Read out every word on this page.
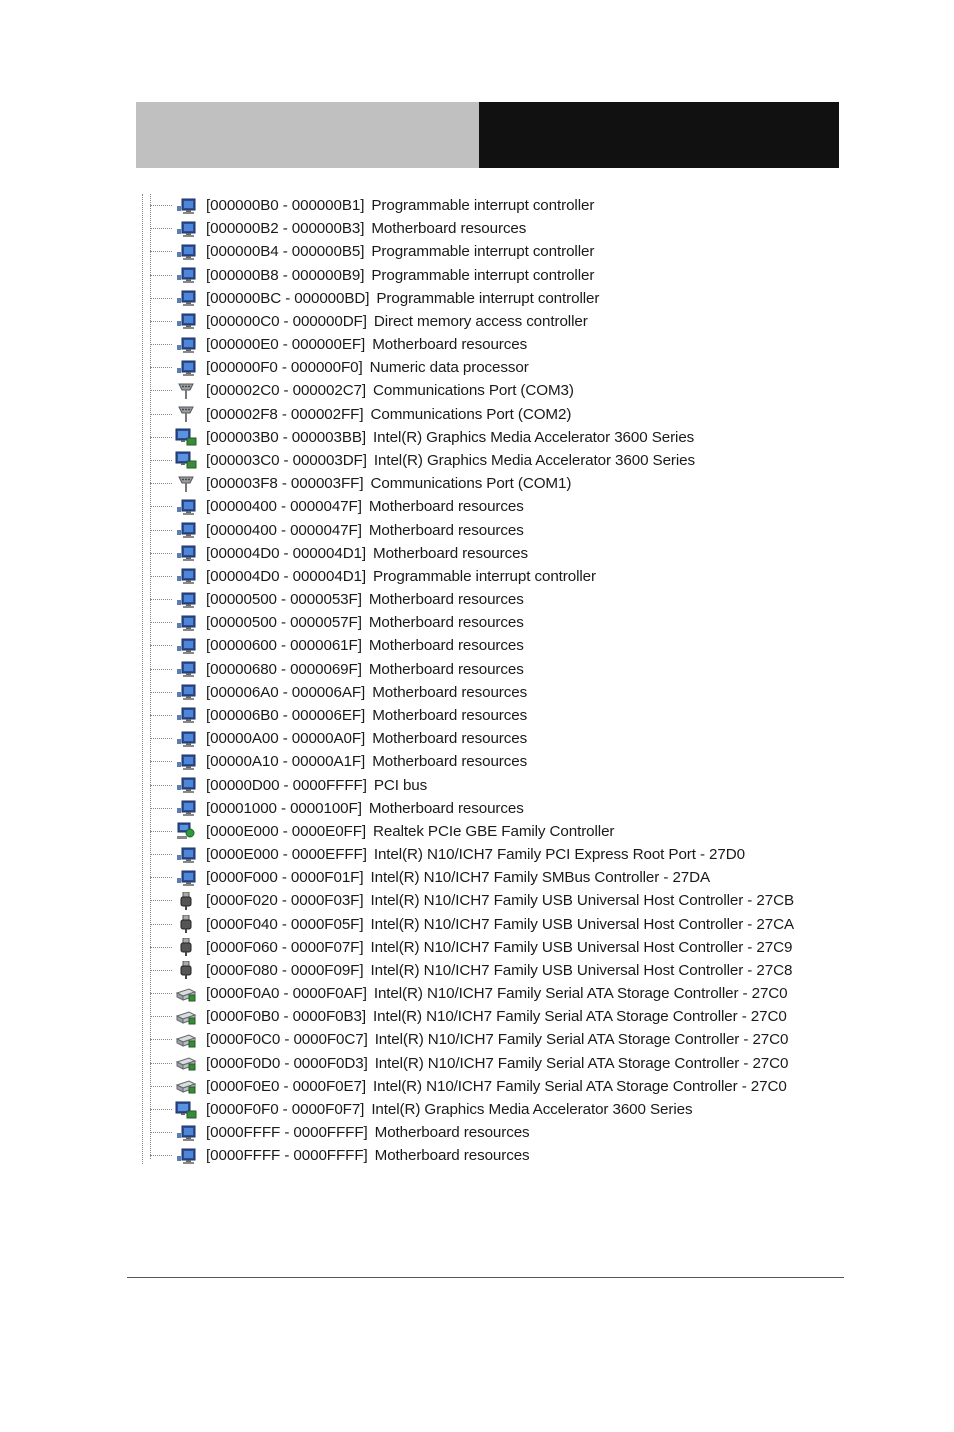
[000000B0 - 000000B1] Programmable interrupt controller
[000000B2 - 000000B3] Motherboard resources
[000000B4 - 000000B5] Programmable interrupt controller
[000000B8 - 000000B9] Programmable interrupt controller
[000000BC - 000000BD] Programmable interrupt controller
[000000C0 - 000000DF] Direct memory access controller
[000000E0 - 000000EF] Motherboard resources
[000000F0 - 000000F0] Numeric data processor
[000002C0 - 000002C7] Communications Port (COM3)
[000002F8 - 000002FF] Communications Port (COM2)
[000003B0 - 000003BB] Intel(R) Graphics Media Accelerator 3600 Series
[000003C0 - 000003DF] Intel(R) Graphics Media Accelerator 3600 Series
[000003F8 - 000003FF] Communications Port (COM1)
[00000400 - 0000047F] Motherboard resources
[00000400 - 0000047F] Motherboard resources
[000004D0 - 000004D1] Motherboard resources
[000004D0 - 000004D1] Programmable interrupt controller
[00000500 - 0000053F] Motherboard resources
[00000500 - 0000057F] Motherboard resources
[00000600 - 0000061F] Motherboard resources
[00000680 - 0000069F] Motherboard resources
[000006A0 - 000006AF] Motherboard resources
[000006B0 - 000006EF] Motherboard resources
[00000A00 - 00000A0F] Motherboard resources
[00000A10 - 00000A1F] Motherboard resources
[00000D00 - 0000FFFF] PCI bus
[00001000 - 0000100F] Motherboard resources
[0000E000 - 0000E0FF] Realtek PCIe GBE Family Controller
[0000E000 - 0000EFFF] Intel(R) N10/ICH7 Family PCI Express Root Port - 27D0
[0000F000 - 0000F01F] Intel(R) N10/ICH7 Family SMBus Controller - 27DA
[0000F020 - 0000F03F] Intel(R) N10/ICH7 Family USB Universal Host Controller - 27CB
[0000F040 - 0000F05F] Intel(R) N10/ICH7 Family USB Universal Host Controller - 27CA
[0000F060 - 0000F07F] Intel(R) N10/ICH7 Family USB Universal Host Controller - 27C9
[0000F080 - 0000F09F] Intel(R) N10/ICH7 Family USB Universal Host Controller - 27C8
[0000F0A0 - 0000F0AF] Intel(R) N10/ICH7 Family Serial ATA Storage Controller - 27C0
[0000F0B0 - 0000F0B3] Intel(R) N10/ICH7 Family Serial ATA Storage Controller - 27C0
[0000F0C0 - 0000F0C7] Intel(R) N10/ICH7 Family Serial ATA Storage Controller - 27C0
[0000F0D0 - 0000F0D3] Intel(R) N10/ICH7 Family Serial ATA Storage Controller - 27C0
[0000F0E0 - 0000F0E7] Intel(R) N10/ICH7 Family Serial ATA Storage Controller - 27C0
[0000F0F0 - 0000F0F7] Intel(R) Graphics Media Accelerator 3600 Series
[0000FFFF - 0000FFFF] Motherboard resources
[0000FFFF - 0000FFFF] Motherboard resources
